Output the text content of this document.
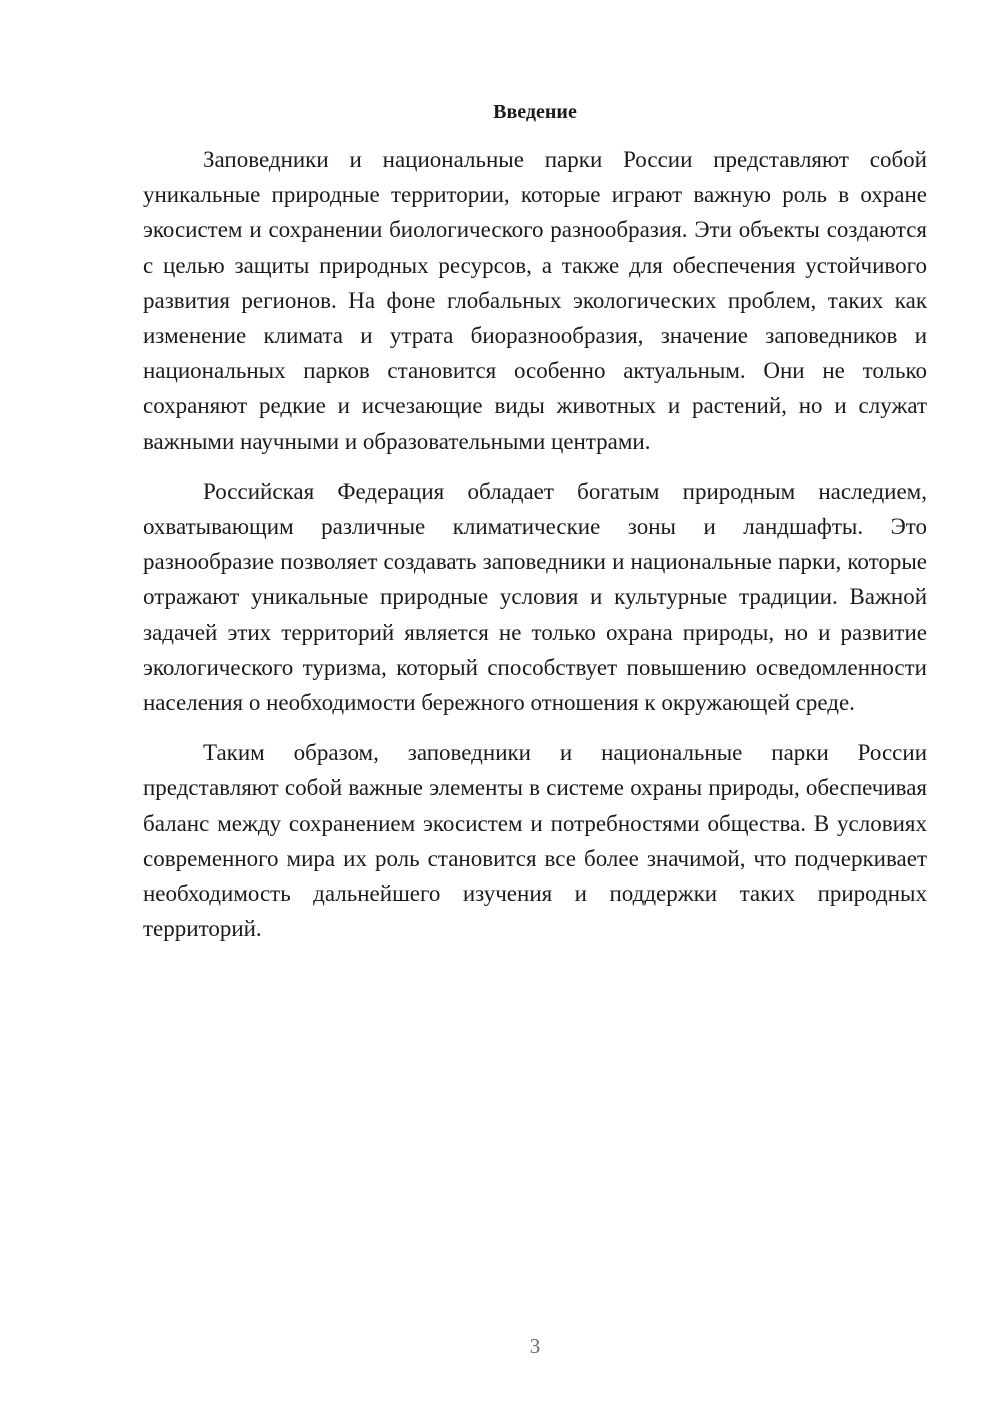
Введение

Заповедники и национальные парки России представляют собой уникальные природные территории, которые играют важную роль в охране экосистем и сохранении биологического разнообразия. Эти объекты создаются с целью защиты природных ресурсов, а также для обеспечения устойчивого развития регионов. На фоне глобальных экологических проблем, таких как изменение климата и утрата биоразнообразия, значение заповедников и национальных парков становится особенно актуальным. Они не только сохраняют редкие и исчезающие виды животных и растений, но и служат важными научными и образовательными центрами.

Российская Федерация обладает богатым природным наследием, охватывающим различные климатические зоны и ландшафты. Это разнообразие позволяет создавать заповедники и национальные парки, которые отражают уникальные природные условия и культурные традиции. Важной задачей этих территорий является не только охрана природы, но и развитие экологического туризма, который способствует повышению осведомленности населения о необходимости бережного отношения к окружающей среде.

Таким образом, заповедники и национальные парки России представляют собой важные элементы в системе охраны природы, обеспечивая баланс между сохранением экосистем и потребностями общества. В условиях современного мира их роль становится все более значимой, что подчеркивает необходимость дальнейшего изучения и поддержки таких природных территорий.

3
